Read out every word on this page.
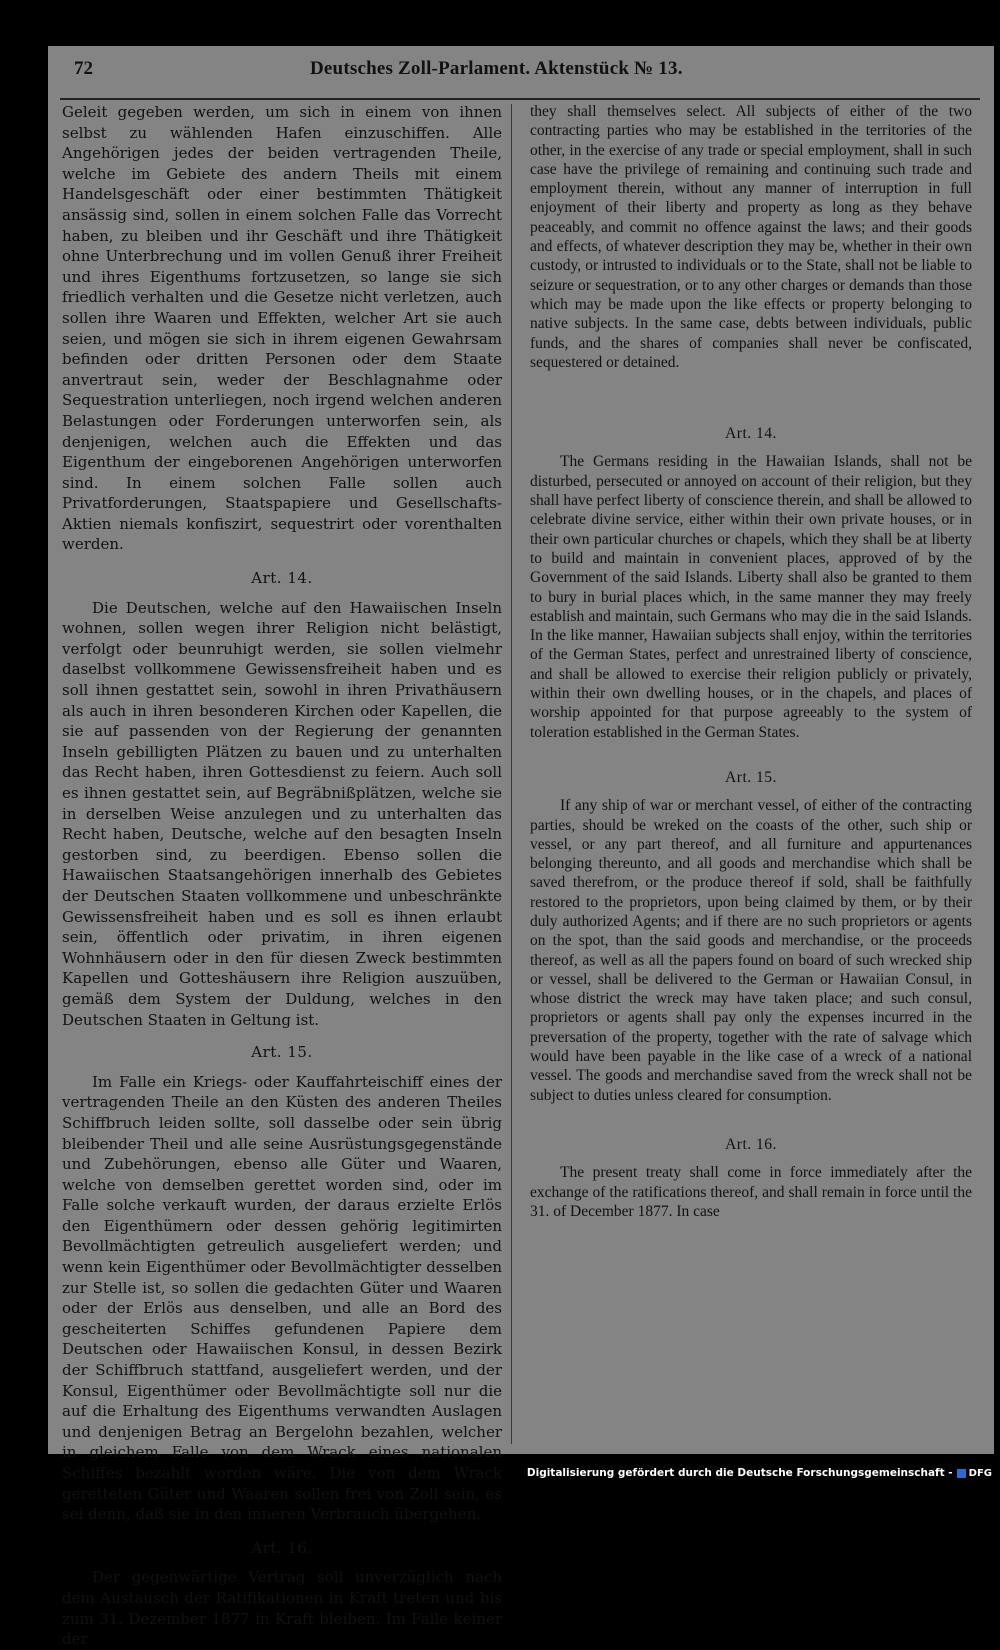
72	Deutsches Zoll-Parlament. Aktenstück № 13.

Geleit gegeben werden, um sich in einem von ihnen selbst zu wählenden Hafen einzuschiffen. Alle Angehörigen jedes der beiden vertragenden Theile, welche im Gebiete des andern Theils mit einem Handelsgeschäft oder einer bestimmten Thätigkeit ansässig sind, sollen in einem solchen Falle das Vorrecht haben, zu bleiben und ihr Geschäft und ihre Thätigkeit ohne Unterbrechung und im vollen Genuß ihrer Freiheit und ihres Eigenthums fortzusetzen, so lange sie sich friedlich verhalten und die Gesetze nicht verletzen, auch sollen ihre Waaren und Effekten, welcher Art sie auch seien, und mögen sie sich in ihrem eigenen Gewahrsam befinden oder dritten Personen oder dem Staate anvertraut sein, weder der Beschlagnahme oder Sequestration unterliegen, noch irgend welchen anderen Belastungen oder Forderungen unterworfen sein, als denjenigen, welchen auch die Effekten und das Eigenthum der eingeborenen Angehörigen unterworfen sind. In einem solchen Falle sollen auch Privatforderungen, Staatspapiere und Gesellschafts-Aktien niemals konfiszirt, sequestrirt oder vorenthalten werden.

Art. 14.

Die Deutschen, welche auf den Hawaiischen Inseln wohnen, sollen wegen ihrer Religion nicht belästigt, verfolgt oder beunruhigt werden, sie sollen vielmehr daselbst vollkommene Gewissensfreiheit haben und es soll ihnen gestattet sein, sowohl in ihren Privathäusern als auch in ihren besonderen Kirchen oder Kapellen, die sie auf passenden von der Regierung der genannten Inseln gebilligten Plätzen zu bauen und zu unterhalten das Recht haben, ihren Gottesdienst zu feiern. Auch soll es ihnen gestattet sein, auf Begräbnißplätzen, welche sie in derselben Weise anzulegen und zu unterhalten das Recht haben, Deutsche, welche auf den besagten Inseln gestorben sind, zu beerdigen. Ebenso sollen die Hawaiischen Staatsangehörigen innerhalb des Gebietes der Deutschen Staaten vollkommene und unbeschränkte Gewissensfreiheit haben und es soll es ihnen erlaubt sein, öffentlich oder privatim, in ihren eigenen Wohnhäusern oder in den für diesen Zweck bestimmten Kapellen und Gotteshäusern ihre Religion auszuüben, gemäß dem System der Duldung, welches in den Deutschen Staaten in Geltung ist.

Art. 15.

Im Falle ein Kriegs- oder Kauffahrteischiff eines der vertragenden Theile an den Küsten des anderen Theiles Schiffbruch leiden sollte, soll dasselbe oder sein übrig bleibender Theil und alle seine Ausrüstungsgegenstände und Zubehörungen, ebenso alle Güter und Waaren, welche von demselben gerettet worden sind, oder im Falle solche verkauft wurden, der daraus erzielte Erlös den Eigenthümern oder dessen gehörig legitimirten Bevollmächtigten getreulich ausgeliefert werden; und wenn kein Eigenthümer oder Bevollmächtigter desselben zur Stelle ist, so sollen die gedachten Güter und Waaren oder der Erlös aus denselben, und alle an Bord des gescheiterten Schiffes gefundenen Papiere dem Deutschen oder Hawaiischen Konsul, in dessen Bezirk der Schiffbruch stattfand, ausgeliefert werden, und der Konsul, Eigenthümer oder Bevollmächtigte soll nur die auf die Erhaltung des Eigenthums verwandten Auslagen und denjenigen Betrag an Bergelohn bezahlen, welcher in gleichem Falle von dem Wrack eines nationalen Schiffes bezahlt worden wäre. Die von dem Wrack geretteten Güter und Waaren sollen frei von Zoll sein, es sei denn, daß sie in den inneren Verbrauch übergehen.

Art. 16.

Der gegenwärtige Vertrag soll unverzüglich nach dem Austausch der Ratifikationen in Kraft treten und bis zum 31. Dezember 1877 in Kraft bleiben. Im Falle keiner der

they shall themselves select. All subjects of either of the two contracting parties who may be established in the territories of the other, in the exercise of any trade or special employment, shall in such case have the privilege of remaining and continuing such trade and employment therein, without any manner of interruption in full enjoyment of their liberty and property as long as they behave peaceably, and commit no offence against the laws; and their goods and effects, of whatever description they may be, whether in their own custody, or intrusted to individuals or to the State, shall not be liable to seizure or sequestration, or to any other charges or demands than those which may be made upon the like effects or property belonging to native subjects. In the same case, debts between individuals, public funds, and the shares of companies shall never be confiscated, sequestered or detained.

Art. 14.

The Germans residing in the Hawaiian Islands, shall not be disturbed, persecuted or annoyed on account of their religion, but they shall have perfect liberty of conscience therein, and shall be allowed to celebrate divine service, either within their own private houses, or in their own particular churches or chapels, which they shall be at liberty to build and maintain in convenient places, approved of by the Government of the said Islands. Liberty shall also be granted to them to bury in burial places which, in the same manner they may freely establish and maintain, such Germans who may die in the said Islands. In the like manner, Hawaiian subjects shall enjoy, within the territories of the German States, perfect and unrestrained liberty of conscience, and shall be allowed to exercise their religion publicly or privately, within their own dwelling houses, or in the chapels, and places of worship appointed for that purpose agreeably to the system of toleration established in the German States.

Art. 15.

If any ship of war or merchant vessel, of either of the contracting parties, should be wreked on the coasts of the other, such ship or vessel, or any part thereof, and all furniture and appurtenances belonging thereunto, and all goods and merchandise which shall be saved therefrom, or the produce thereof if sold, shall be faithfully restored to the proprietors, upon being claimed by them, or by their duly authorized Agents; and if there are no such proprietors or agents on the spot, than the said goods and merchandise, or the proceeds thereof, as well as all the papers found on board of such wrecked ship or vessel, shall be delivered to the German or Hawaiian Consul, in whose district the wreck may have taken place; and such consul, proprietors or agents shall pay only the expenses incurred in the preversation of the property, together with the rate of salvage which would have been payable in the like case of a wreck of a national vessel. The goods and merchandise saved from the wreck shall not be subject to duties unless cleared for consumption.

Art. 16.

The present treaty shall come in force immediately after the exchange of the ratifications thereof, and shall remain in force until the 31. of December 1877. In case

Digitalisierung gefördert durch die Deutsche Forschungsgemeinschaft - DFG
